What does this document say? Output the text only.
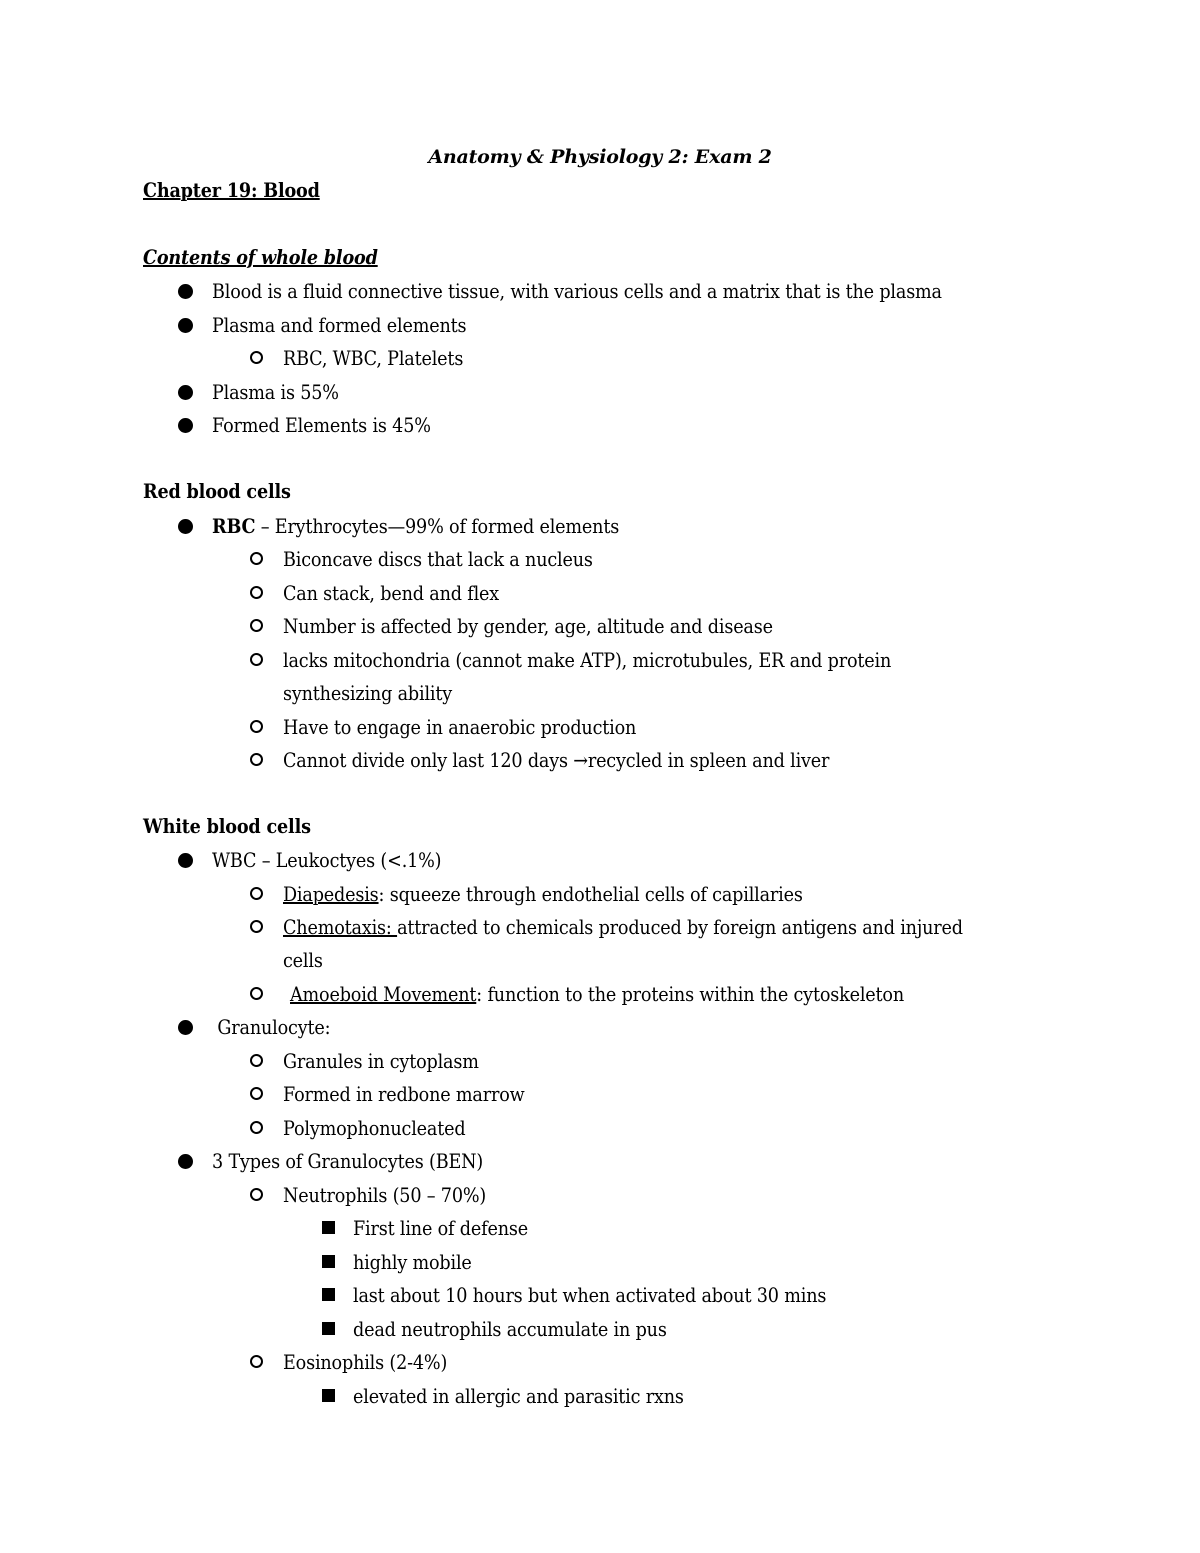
Anatomy & Physiology 2: Exam 2
Chapter 19: Blood
Contents of whole blood
Blood is a fluid connective tissue, with various cells and a matrix that is the plasma
Plasma and formed elements
RBC, WBC, Platelets
Plasma is 55%
Formed Elements is 45%
Red blood cells
RBC – Erythrocytes—99% of formed elements
Biconcave discs that lack a nucleus
Can stack, bend and flex
Number is affected by gender, age, altitude and disease
lacks mitochondria (cannot make ATP), microtubules, ER and protein
synthesizing ability
Have to engage in anaerobic production
Cannot divide only last 120 days →recycled in spleen and liver
White blood cells
WBC – Leukoctyes (<.1%)
Diapedesis: squeeze through endothelial cells of capillaries
Chemotaxis: attracted to chemicals produced by foreign antigens and injured
cells
Amoeboid Movement: function to the proteins within the cytoskeleton
Granulocyte:
Granules in cytoplasm
Formed in redbone marrow
Polymophonucleated
3 Types of Granulocytes (BEN)
Neutrophils (50 – 70%)
First line of defense
highly mobile
last about 10 hours but when activated about 30 mins
dead neutrophils accumulate in pus
Eosinophils (2-4%)
elevated in allergic and parasitic rxns
